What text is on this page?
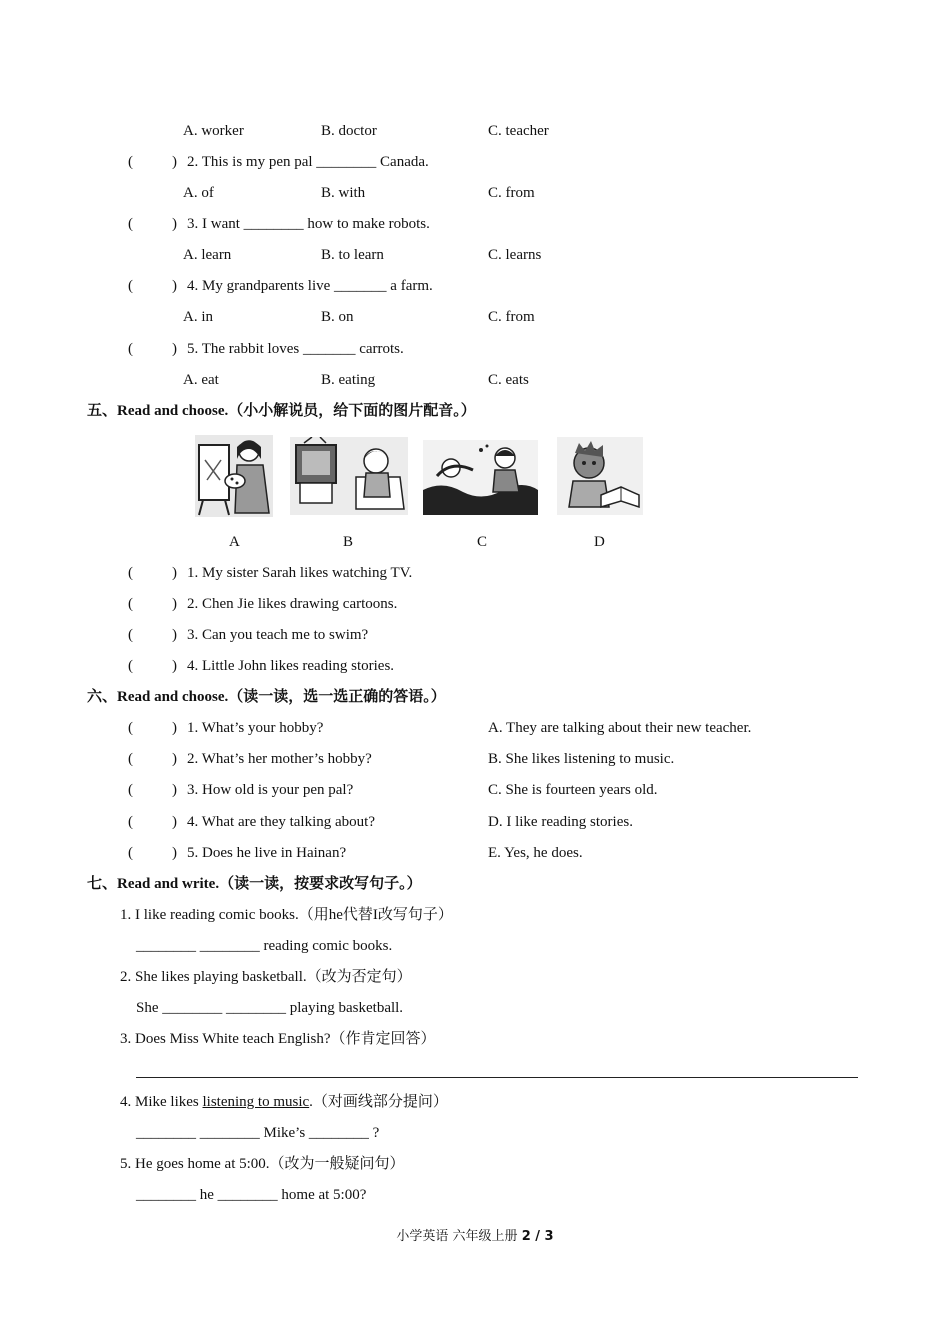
A. worker	B. doctor	C. teacher
(	) 2. This is my pen pal ________ Canada.
A. of	B. with	C. from
(	) 3. I want ________ how to make robots.
A. learn	B. to learn	C. learns
(	) 4. My grandparents live _______ a farm.
A. in	B. on	C. from
(	) 5. The rabbit loves _______ carrots.
A. eat	B. eating	C. eats
五、Read and choose.（小小解说员，给下面的图片配音。）
A	B	C	D
(	) 1. My sister Sarah likes watching TV.
(	) 2. Chen Jie likes drawing cartoons.
(	) 3. Can you teach me to swim?
(	) 4. Little John likes reading stories.
六、Read and choose.（读一读，选一选正确的答语。）
(	) 1. What’s your hobby?	A. They are talking about their new teacher.
(	) 2. What’s her mother’s hobby?	B. She likes listening to music.
(	) 3. How old is your pen pal?	C. She is fourteen years old.
(	) 4. What are they talking about?	D. I like reading stories.
(	) 5. Does he live in Hainan?	E. Yes, he does.
七、Read and write.（读一读，按要求改写句子。）
1. I like reading comic books.（用he代替I改写句子）
________ ________ reading comic books.
2. She likes playing basketball.（改为否定句）
She ________ ________ playing basketball.
3. Does Miss White teach English?（作肯定回答）
4. Mike likes listening to music.（对画线部分提问）
________ ________ Mike’s ________ ?
5. He goes home at 5:00.（改为一般疑问句）
________ he ________ home at 5:00?
小学英语 六年级上册 2 / 3
